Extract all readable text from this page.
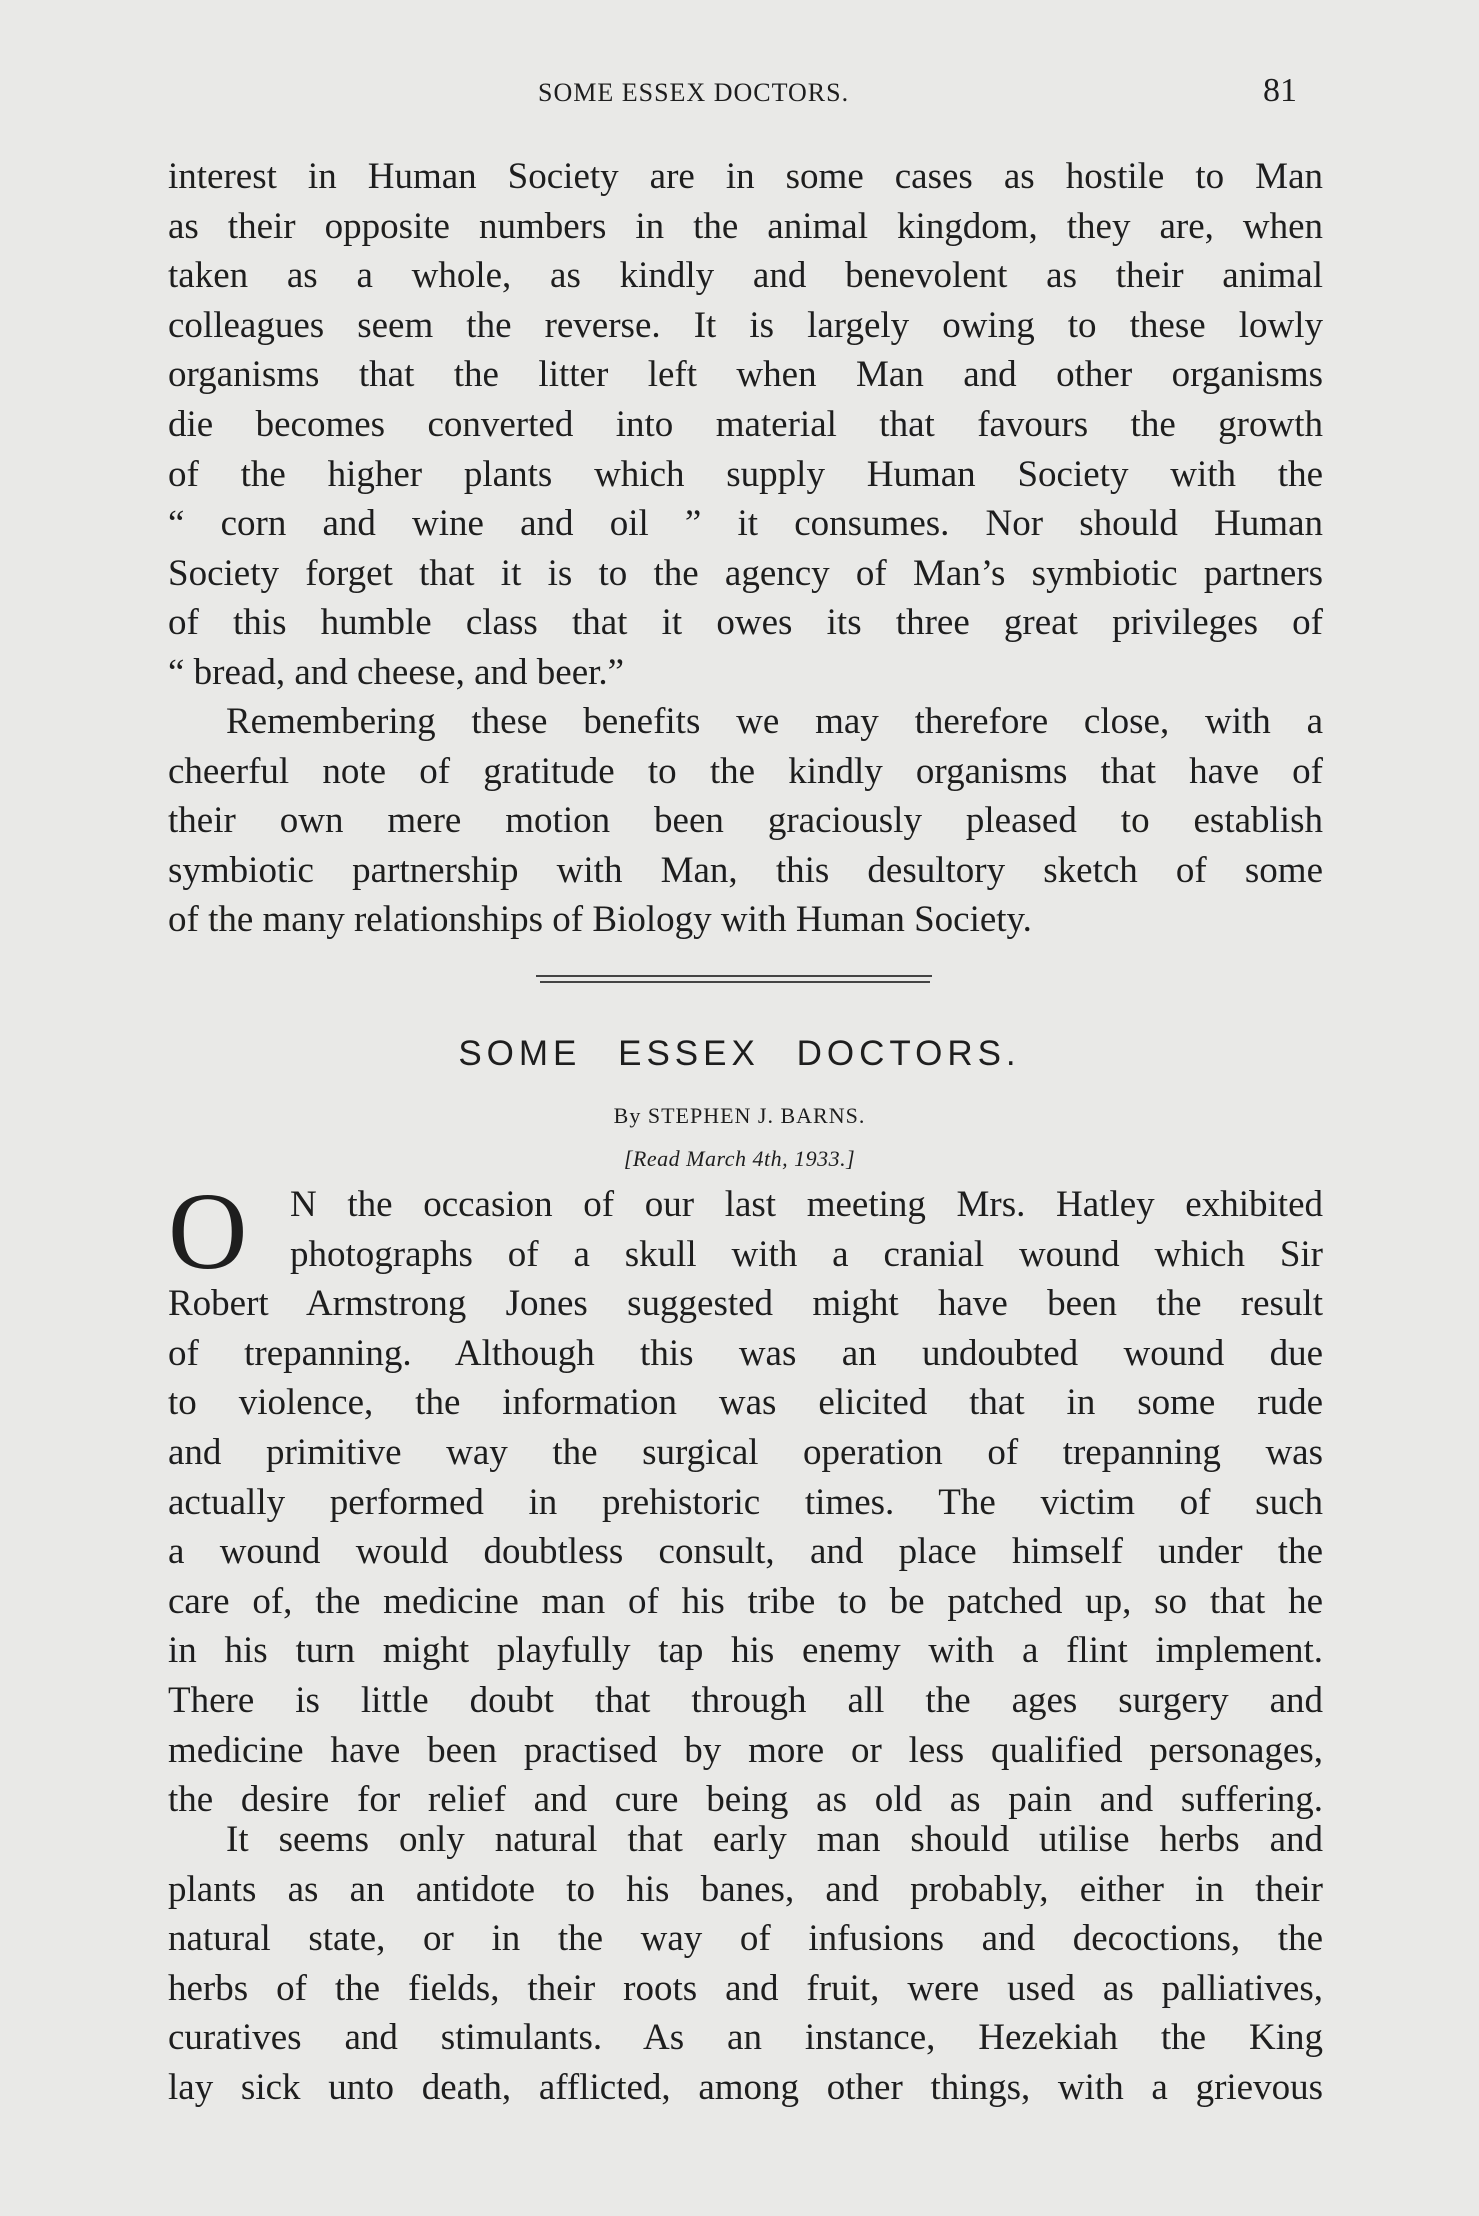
SOME ESSEX DOCTORS.	81
interest in Human Society are in some cases as hostile to Man
as their opposite numbers in the animal kingdom, they are, when
taken as a whole, as kindly and benevolent as their animal
colleagues seem the reverse. It is largely owing to these lowly
organisms that the litter left when Man and other organisms
die becomes converted into material that favours the growth
of the higher plants which supply Human Society with the
“ corn and wine and oil ” it consumes. Nor should Human
Society forget that it is to the agency of Man’s symbiotic partners
of this humble class that it owes its three great privileges of
“ bread, and cheese, and beer.”
Remembering these benefits we may therefore close, with a
cheerful note of gratitude to the kindly organisms that have of
their own mere motion been graciously pleased to establish
symbiotic partnership with Man, this desultory sketch of some
of the many relationships of Biology with Human Society.
SOME ESSEX DOCTORS.
By STEPHEN J. BARNS.
[Read March 4th, 1933.]
O	N the occasion of our last meeting Mrs. Hatley exhibited
photographs of a skull with a cranial wound which Sir
Robert Armstrong Jones suggested might have been the result
of trepanning. Although this was an undoubted wound due
to violence, the information was elicited that in some rude
and primitive way the surgical operation of trepanning was
actually performed in prehistoric times. The victim of such
a wound would doubtless consult, and place himself under the
care of, the medicine man of his tribe to be patched up, so that he
in his turn might playfully tap his enemy with a flint implement.
There is little doubt that through all the ages surgery and
medicine have been practised by more or less qualified personages,
the desire for relief and cure being as old as pain and suffering.
It seems only natural that early man should utilise herbs and
plants as an antidote to his banes, and probably, either in their
natural state, or in the way of infusions and decoctions, the
herbs of the fields, their roots and fruit, were used as palliatives,
curatives and stimulants. As an instance, Hezekiah the King
lay sick unto death, afflicted, among other things, with a grievous
